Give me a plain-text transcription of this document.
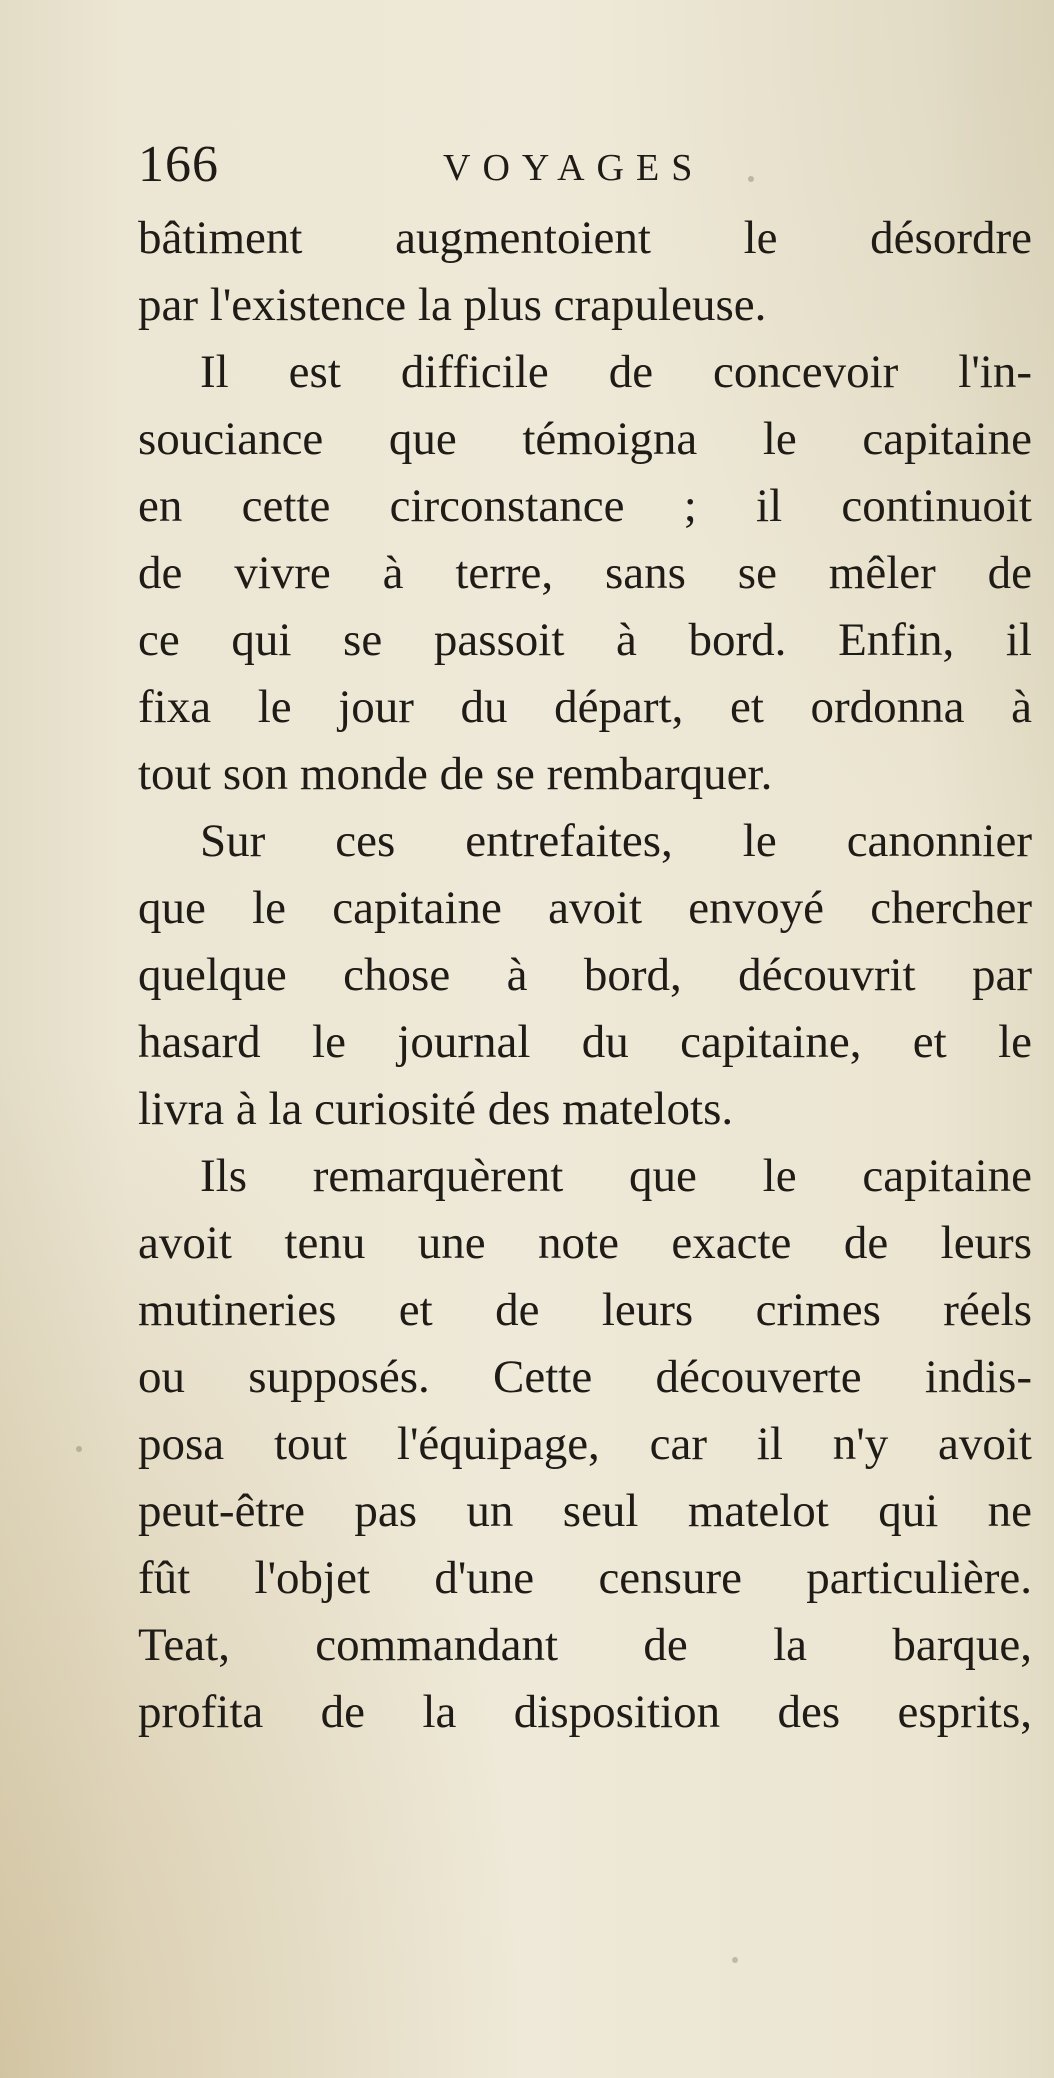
166	VOYAGES
bâtiment augmentoient le désordre
par l'existence la plus crapuleuse.
Il est difficile de concevoir l'in-
souciance que témoigna le capitaine
en cette circonstance ; il continuoit
de vivre à terre, sans se mêler de
ce qui se passoit à bord. Enfin, il
fixa le jour du départ, et ordonna à
tout son monde de se rembarquer.
Sur ces entrefaites, le canonnier
que le capitaine avoit envoyé chercher
quelque chose à bord, découvrit par
hasard le journal du capitaine, et le
livra à la curiosité des matelots.
Ils remarquèrent que le capitaine
avoit tenu une note exacte de leurs
mutineries et de leurs crimes réels
ou supposés. Cette découverte indis-
posa tout l'équipage, car il n'y avoit
peut-être pas un seul matelot qui ne
fût l'objet d'une censure particulière.
Teat, commandant de la barque,
profita de la disposition des esprits,
